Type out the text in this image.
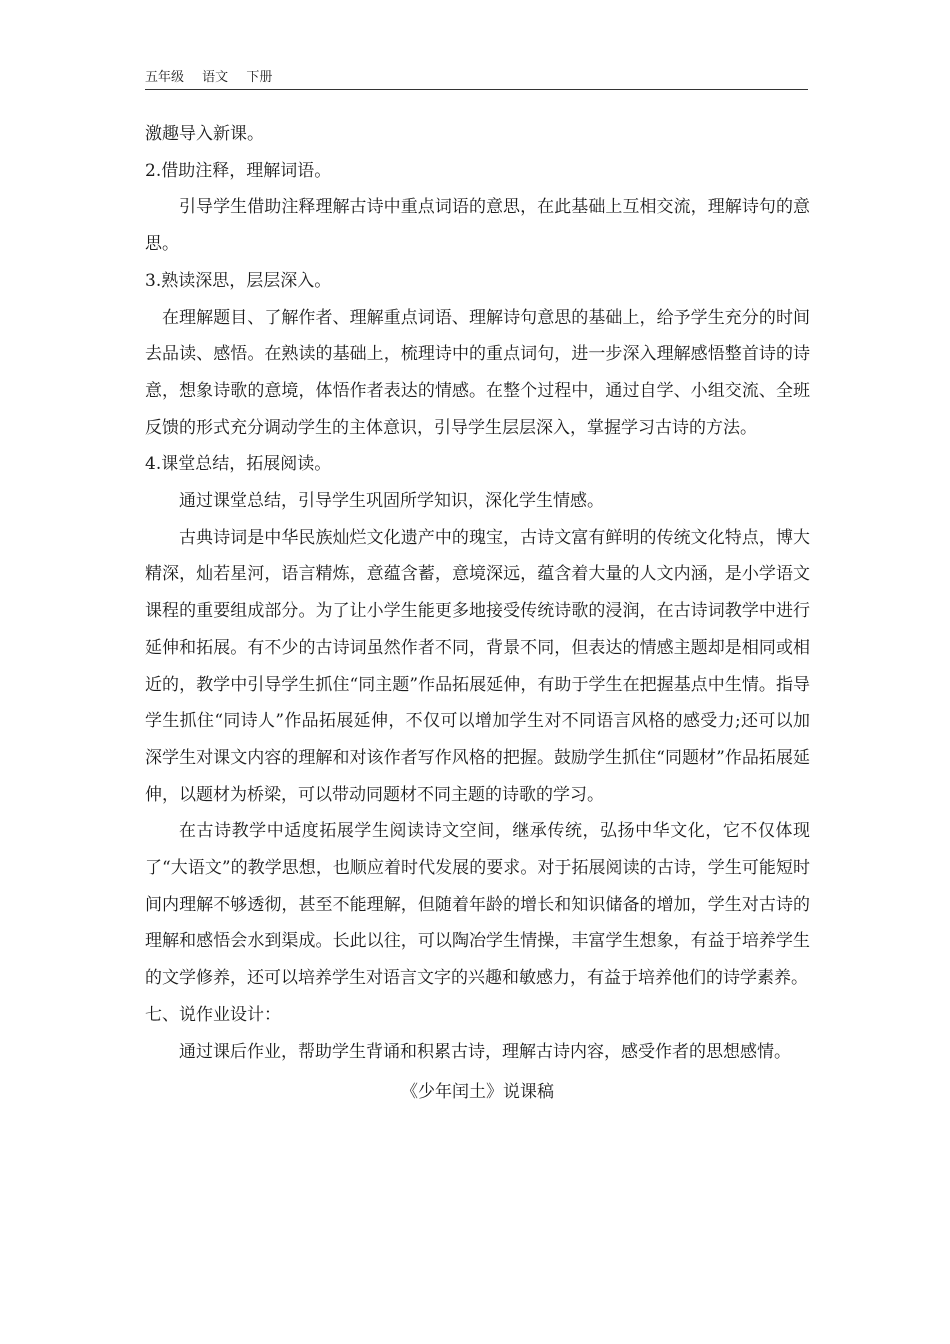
五年级 语文 下册

激趣导入新课。

2.借助注释，理解词语。

引导学生借助注释理解古诗中重点词语的意思，在此基础上互相交流，理解诗句的意思。

3.熟读深思，层层深入。

在理解题目、了解作者、理解重点词语、理解诗句意思的基础上，给予学生充分的时间去品读、感悟。在熟读的基础上，梳理诗中的重点词句，进一步深入理解感悟整首诗的诗意，想象诗歌的意境，体悟作者表达的情感。在整个过程中，通过自学、小组交流、全班反馈的形式充分调动学生的主体意识，引导学生层层深入，掌握学习古诗的方法。

4.课堂总结，拓展阅读。

通过课堂总结，引导学生巩固所学知识，深化学生情感。

古典诗词是中华民族灿烂文化遗产中的瑰宝，古诗文富有鲜明的传统文化特点，博大精深，灿若星河，语言精炼，意蕴含蓄，意境深远，蕴含着大量的人文内涵，是小学语文课程的重要组成部分。为了让小学生能更多地接受传统诗歌的浸润，在古诗词教学中进行延伸和拓展。有不少的古诗词虽然作者不同，背景不同，但表达的情感主题却是相同或相近的，教学中引导学生抓住“同主题”作品拓展延伸，有助于学生在把握基点中生情。指导学生抓住“同诗人”作品拓展延伸，不仅可以增加学生对不同语言风格的感受力;还可以加深学生对课文内容的理解和对该作者写作风格的把握。鼓励学生抓住“同题材”作品拓展延伸，以题材为桥梁，可以带动同题材不同主题的诗歌的学习。

在古诗教学中适度拓展学生阅读诗文空间，继承传统，弘扬中华文化，它不仅体现了“大语文”的教学思想，也顺应着时代发展的要求。对于拓展阅读的古诗，学生可能短时间内理解不够透彻，甚至不能理解，但随着年龄的增长和知识储备的增加，学生对古诗的理解和感悟会水到渠成。长此以往，可以陶冶学生情操，丰富学生想象，有益于培养学生的文学修养，还可以培养学生对语言文字的兴趣和敏感力，有益于培养他们的诗学素养。

七、说作业设计：

通过课后作业，帮助学生背诵和积累古诗，理解古诗内容，感受作者的思想感情。

《少年闰土》说课稿
